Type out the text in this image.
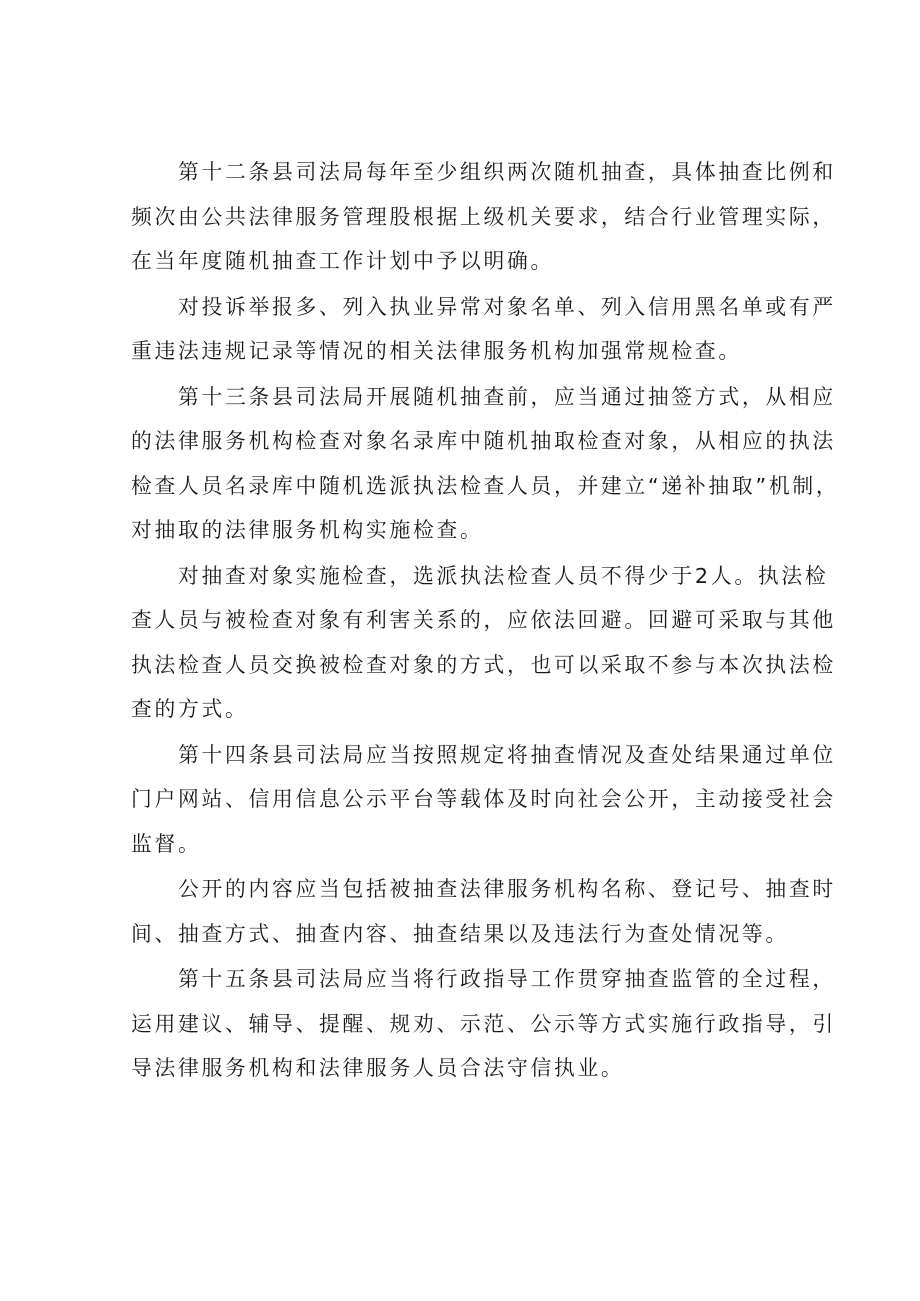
第十二条县司法局每年至少组织两次随机抽查，具体抽查比例和
频次由公共法律服务管理股根据上级机关要求，结合行业管理实际，
在当年度随机抽查工作计划中予以明确。

对投诉举报多、列入执业异常对象名单、列入信用黑名单或有严
重违法违规记录等情况的相关法律服务机构加强常规检查。

第十三条县司法局开展随机抽查前，应当通过抽签方式，从相应
的法律服务机构检查对象名录库中随机抽取检查对象，从相应的执法
检查人员名录库中随机选派执法检查人员，并建立“递补抽取”机制，
对抽取的法律服务机构实施检查。

对抽查对象实施检查，选派执法检查人员不得少于2人。执法检
查人员与被检查对象有利害关系的，应依法回避。回避可采取与其他
执法检查人员交换被检查对象的方式，也可以采取不参与本次执法检
查的方式。

第十四条县司法局应当按照规定将抽查情况及查处结果通过单位
门户网站、信用信息公示平台等载体及时向社会公开，主动接受社会
监督。

公开的内容应当包括被抽查法律服务机构名称、登记号、抽查时
间、抽查方式、抽查内容、抽查结果以及违法行为查处情况等。

第十五条县司法局应当将行政指导工作贯穿抽查监管的全过程，
运用建议、辅导、提醒、规劝、示范、公示等方式实施行政指导，引
导法律服务机构和法律服务人员合法守信执业。
